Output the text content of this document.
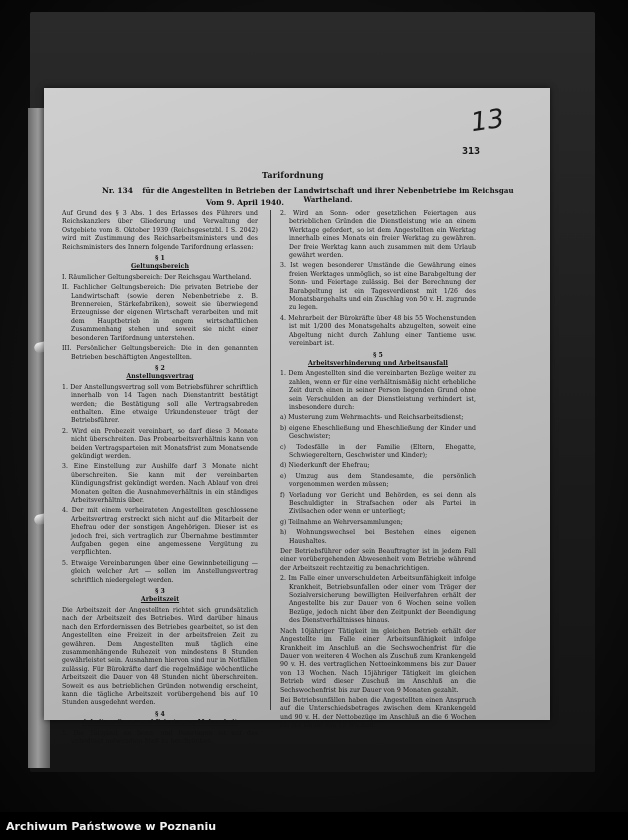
13
313
Tarifordnung
Nr. 134	für die Angestellten in Betrieben der Landwirtschaft und ihrer Nebenbetriebe im Reichsgau Wartheland.
Vom 9. April 1940.

Auf Grund des § 3 Abs. 1 des Erlasses des Führers und Reichskanzlers über Gliederung und Verwaltung der Ostgebiete vom 8. Oktober 1939 (Reichsgesetzbl. I S. 2042) wird mit Zustimmung des Reichsarbeitsministers und des Reichsministers des Innern folgende Tarifordnung erlassen:

§ 1

Geltungsbereich

I. Räumlicher Geltungsbereich: Der Reichsgau Wartheland.

II. Fachlicher Geltungsbereich: Die privaten Betriebe der Landwirtschaft (sowie deren Nebenbetriebe z. B. Brennereien, Stärkefabriken), soweit sie überwiegend Erzeugnisse der eigenen Wirtschaft verarbeiten und mit dem Hauptbetrieb in engem wirtschaftlichen Zusammenhang stehen und soweit sie nicht einer besonderen Tarifordnung unterstehen.

III. Persönlicher Geltungsbereich: Die in den genannten Betrieben beschäftigten Angestellten.

§ 2

Anstellungsvertrag

1. Der Anstellungsvertrag soll vom Betriebsführer schriftlich innerhalb von 14 Tagen nach Dienstantritt bestätigt werden; die Bestätigung soll alle Vertragsabreden enthalten. Eine etwaige Urkundensteuer trägt der Betriebsführer.

2. Wird ein Probezeit vereinbart, so darf diese 3 Monate nicht überschreiten. Das Probearbeitsverhältnis kann von beiden Vertragsparteien mit Monatsfrist zum Monatsende gekündigt werden.

3. Eine Einstellung zur Aushilfe darf 3 Monate nicht überschreiten. Sie kann mit der vereinbarten Kündigungsfrist gekündigt werden. Nach Ablauf von drei Monaten gelten die Ausnahmeverhältnis in ein ständiges Arbeitsverhältnis über.

4. Der mit einem verheirateten Angestellten geschlossene Arbeitsvertrag erstreckt sich nicht auf die Mitarbeit der Ehefrau oder der sonstigen Angehörigen. Dieser ist es jedoch frei, sich vertraglich zur Übernahme bestimmter Aufgaben gegen eine angemessene Vergütung zu verpflichten.

5. Etwaige Vereinbarungen über eine Gewinnbeteiligung — gleich welcher Art — sollen im Anstellungsvertrag schriftlich niedergelegt werden.

§ 3

Arbeitszeit

Die Arbeitszeit der Angestellten richtet sich grundsätzlich nach der Arbeitszeit des Betriebes. Wird darüber hinaus nach den Erfordernissen des Betriebes gearbeitet, so ist den Angestellten eine Freizeit in der arbeitsfreien Zeit zu gewähren. Dem Angestellten muß täglich eine zusammenhängende Ruhezeit von mindestens 8 Stunden gewährleistet sein. Ausnahmen hiervon sind nur in Notfällen zulässig. Für Bürokräfte darf die regelmäßige wöchentliche Arbeitszeit die Dauer von 48 Stunden nicht überschreiten. Soweit es aus betrieblichen Gründen notwendig erscheint, kann die tägliche Arbeitszeit vorübergehend bis auf 10 Stunden ausgedehnt werden.

§ 4

Arbeit an Sonn- und Feiertagen, Mehrarbeit

1. Die Tätigkeit an Sonn- und Feiertagen ist auf das unbedingt notwendige Maß zu beschränken.

2. Wird an Sonn- oder gesetzlichen Feiertagen aus betrieblichen Gründen die Dienstleistung wie an einem Werktage gefordert, so ist dem Angestellten ein Werktag innerhalb eines Monats ein freier Werktag zu gewähren. Der freie Werktag kann auch zusammen mit dem Urlaub gewährt werden.

3. Ist wegen besonderer Umstände die Gewährung eines freien Werktages unmöglich, so ist eine Barabgeltung der Sonn- und Feiertage zulässig. Bei der Berechnung der Barabgeltung ist ein Tagesverdienst mit 1/26 des Monatsbargehalts und ein Zuschlag von 50 v. H. zugrunde zu legen.

4. Mehrarbeit der Bürokräfte über 48 bis 55 Wochenstunden ist mit 1/200 des Monatsgehalts abzugelten, soweit eine Abgeltung nicht durch Zahlung einer Tantieme usw. vereinbart ist.

§ 5

Arbeitsverhinderung und Arbeitsausfall

1. Dem Angestellten sind die vereinbarten Bezüge weiter zu zahlen, wenn er für eine verhältnismäßig nicht erhebliche Zeit durch einen in seiner Person liegenden Grund ohne sein Verschulden an der Dienstleistung verhindert ist, insbesondere durch:

a) Musterung zum Wehrmachts- und Reichsarbeitsdienst;

b) eigene Eheschließung und Eheschließung der Kinder und Geschwister;

c) Todesfälle in der Familie (Eltern, Ehegatte, Schwiegereltern, Geschwister und Kinder);

d) Niederkunft der Ehefrau;

e) Umzug aus dem Standesamte, die persönlich vorgenommen werden müssen;

f) Vorladung vor Gericht und Behörden, es sei denn als Beschuldigter in Strafsachen oder als Partei in Zivilsachen oder wenn er unterliegt;

g) Teilnahme an Wehrversammlungen;

h) Wohnungswechsel bei Bestehen eines eigenen Haushaltes.

Der Betriebsführer oder sein Beauftragter ist in jedem Fall einer vorübergehenden Abwesenheit vom Betriebe während der Arbeitszeit rechtzeitig zu benachrichtigen.

2. Im Falle einer unverschuldeten Arbeitsunfähigkeit infolge Krankheit, Betriebsunfallen oder einer vom Träger der Sozialversicherung bewilligten Heilverfahren erhält der Angestellte bis zur Dauer von 6 Wochen seine vollen Bezüge, jedoch nicht über den Zeitpunkt der Beendigung des Dienstverhältnisses hinaus.

Nach 10jähriger Tätigkeit im gleichen Betrieb erhält der Angestellte im Falle einer Arbeitsunfähigkeit infolge Krankheit im Anschluß an die Sechswochenfrist für die Dauer von weiteren 4 Wochen als Zuschuß zum Krankengeld 90 v. H. des vertraglichen Nettoeinkommens bis zur Dauer von 13 Wochen. Nach 15jähriger Tätigkeit im gleichen Betrieb wird dieser Zuschuß im Anschluß an die Sechswochenfrist bis zur Dauer von 9 Monaten gezahlt.

Bei Betriebsunfällen haben die Angestellten einen Anspruch auf die Unterschiedsbetrages zwischen dem Krankengeld und 90 v. H. der Nettobezüge im Anschluß an die 6 Wochen bis zur Dauer von 13 Wochen.

Archiwum Państwowe w Poznaniu
